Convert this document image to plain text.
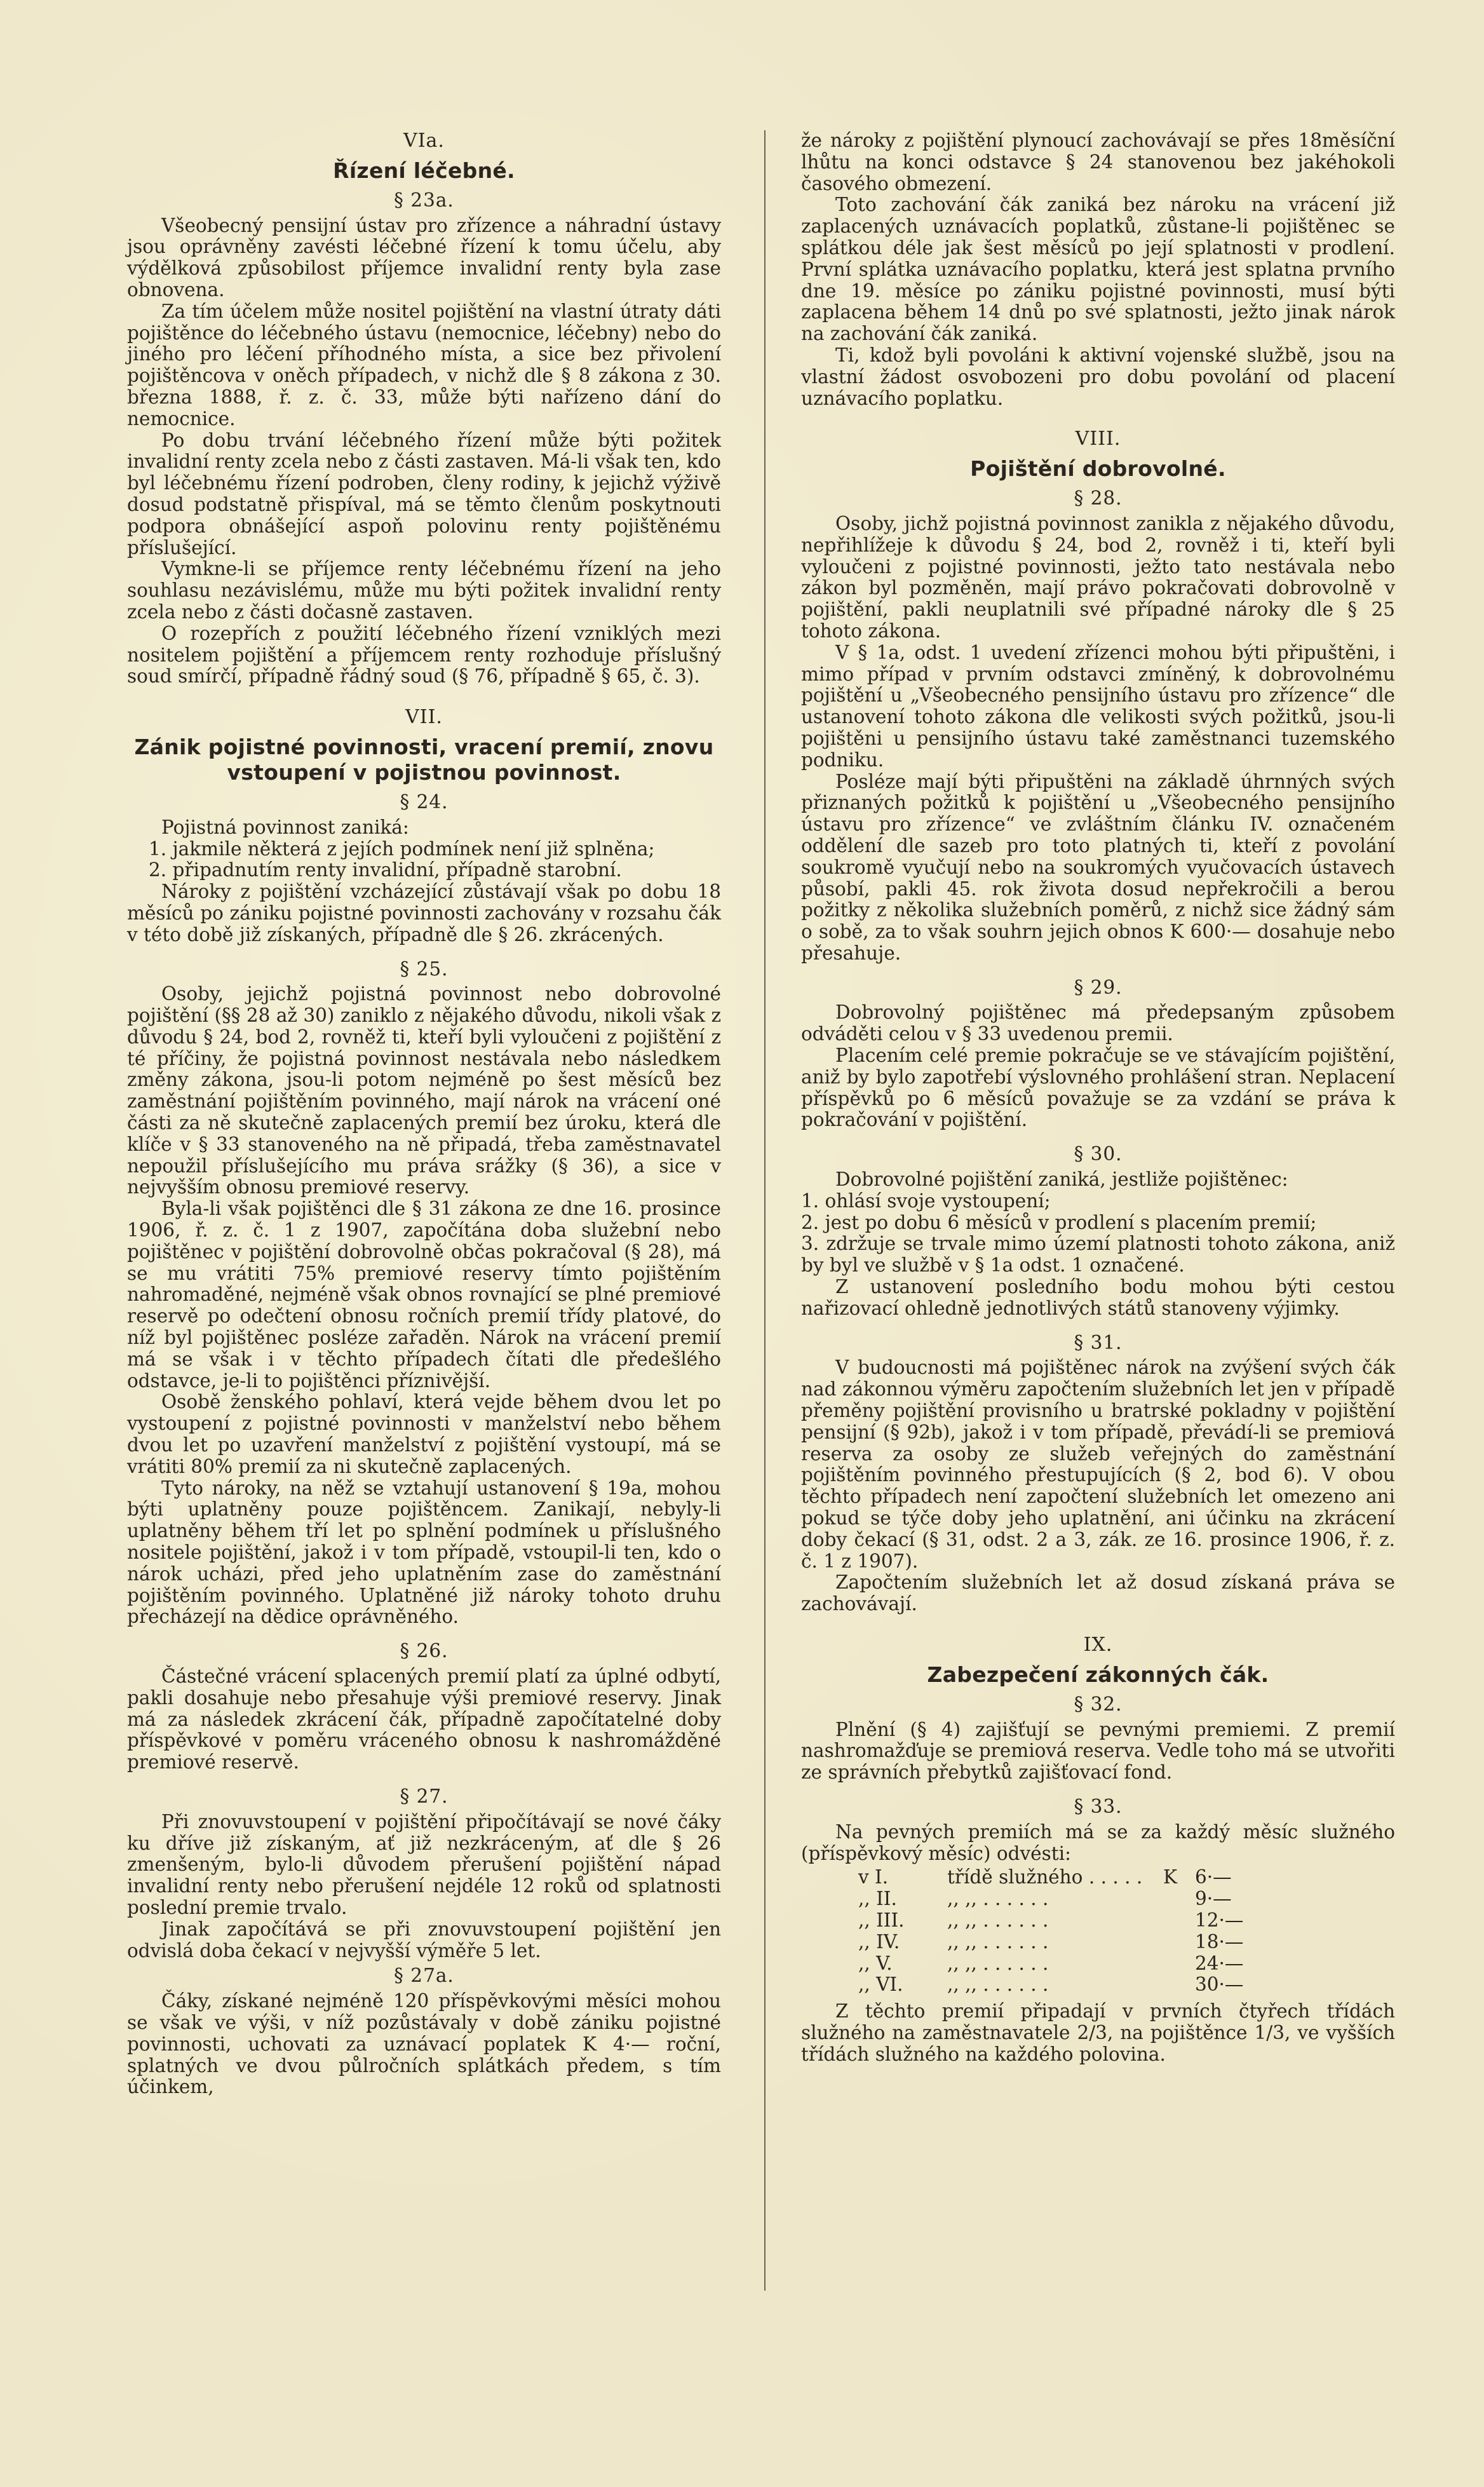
VIa.
Řízení léčebné.
§ 23a.

Všeobecný pensijní ústav pro zřízence a náhradní ústavy jsou oprávněny zavésti léčebné řízení k tomu účelu, aby výdělková způsobilost příjemce invalidní renty byla zase obnovena.

Za tím účelem může nositel pojištění na vlastní útraty dáti pojištěnce do léčebného ústavu (nemocnice, léčebny) nebo do jiného pro léčení příhodného místa, a sice bez přivolení pojištěncova v oněch případech, v nichž dle § 8 zákona z 30. března 1888, ř. z. č. 33, může býti nařízeno dání do nemocnice.

Po dobu trvání léčebného řízení může býti požitek invalidní renty zcela nebo z části zastaven. Má-li však ten, kdo byl léčebnému řízení podroben, členy rodiny, k jejichž výživě dosud podstatně přispíval, má se těmto členům poskytnouti podpora obnášející aspoň polovinu renty pojištěnému příslušející.

Vymkne-li se příjemce renty léčebnému řízení na jeho souhlasu nezávislému, může mu býti požitek invalidní renty zcela nebo z části dočasně zastaven.

O rozepřích z použití léčebného řízení vzniklých mezi nositelem pojištění a příjemcem renty rozhoduje příslušný soud smírčí, případně řádný soud (§ 76, případně § 65, č. 3).

VII.
Zánik pojistné povinnosti, vracení premií, znovu vstoupení v pojistnou povinnost.
§ 24.

Pojistná povinnost zaniká:

1. jakmile některá z jejích podmínek není již splněna;

2. připadnutím renty invalidní, případně starobní.

Nároky z pojištění vzcházející zůstávají však po dobu 18 měsíců po zániku pojistné povinnosti zachovány v rozsahu čák v této době již získaných, případně dle § 26. zkrácených.

§ 25.

Osoby, jejichž pojistná povinnost nebo dobrovolné pojištění (§§ 28 až 30) zaniklo z nějakého důvodu, nikoli však z důvodu § 24, bod 2, rovněž ti, kteří byli vyloučeni z pojištění z té příčiny, že pojistná povinnost nestávala nebo následkem změny zákona, jsou-li potom nejméně po šest měsíců bez zaměstnání pojištěním povinného, mají nárok na vrácení oné části za ně skutečně zaplacených premií bez úroku, která dle klíče v § 33 stanoveného na ně připadá, třeba zaměstnavatel nepoužil příslušejícího mu práva srážky (§ 36), a sice v nejvyšším obnosu premiové reservy.

Byla-li však pojištěnci dle § 31 zákona ze dne 16. prosince 1906, ř. z. č. 1 z 1907, započítána doba služební nebo pojištěnec v pojištění dobrovolně občas pokračoval (§ 28), má se mu vrátiti 75% premiové reservy tímto pojištěním nahromaděné, nejméně však obnos rovnající se plné premiové reservě po odečtení obnosu ročních premií třídy platové, do níž byl pojištěnec posléze zařaděn. Nárok na vrácení premií má se však i v těchto případech čítati dle předešlého odstavce, je-li to pojištěnci příznivější.

Osobě ženského pohlaví, která vejde během dvou let po vystoupení z pojistné povinnosti v manželství nebo během dvou let po uzavření manželství z pojištění vystoupí, má se vrátiti 80% premií za ni skutečně zaplacených.

Tyto nároky, na něž se vztahují ustanovení § 19a, mohou býti uplatněny pouze pojištěncem. Zanikají, nebyly-li uplatněny během tří let po splnění podmínek u příslušného nositele pojištění, jakož i v tom případě, vstoupil-li ten, kdo o nárok ucházi, před jeho uplatněním zase do zaměstnání pojištěním povinného. Uplatněné již nároky tohoto druhu přecházejí na dědice oprávněného.

§ 26.

Částečné vrácení splacených premií platí za úplné odbytí, pakli dosahuje nebo přesahuje výši premiové reservy. Jinak má za následek zkrácení čák, případně započítatelné doby příspěvkové v poměru vráceného obnosu k nashromážděné premiové reservě.

§ 27.

Při znovuvstoupení v pojištění připočítávají se nové čáky ku dříve již získaným, ať již nezkráceným, ať dle § 26 zmenšeným, bylo-li důvodem přerušení pojištění nápad invalidní renty nebo přerušení nejdéle 12 roků od splatnosti poslední premie trvalo.

Jinak započítává se při znovuvstoupení pojištění jen odvislá doba čekací v nejvyšší výměře 5 let.

§ 27a.

Čáky, získané nejméně 120 příspěvkovými měsíci mohou se však ve výši, v níž pozůstávaly v době zániku pojistné povinnosti, uchovati za uznávací poplatek K 4·— roční, splatných ve dvou půlročních splátkách předem, s tím účinkem,

že nároky z pojištění plynoucí zachovávají se přes 18měsíční lhůtu na konci odstavce § 24 stanovenou bez jakéhokoli časového obmezení.

Toto zachování čák zaniká bez nároku na vrácení již zaplacených uznávacích poplatků, zůstane-li pojištěnec se splátkou déle jak šest měsíců po její splatnosti v prodlení. První splátka uznávacího poplatku, která jest splatna prvního dne 19. měsíce po zániku pojistné povinnosti, musí býti zaplacena během 14 dnů po své splatnosti, ježto jinak nárok na zachování čák zaniká.

Ti, kdož byli povoláni k aktivní vojenské službě, jsou na vlastní žádost osvobozeni pro dobu povolání od placení uznávacího poplatku.

VIII.
Pojištění dobrovolné.
§ 28.

Osoby, jichž pojistná povinnost zanikla z nějakého důvodu, nepřihlížeje k důvodu § 24, bod 2, rovněž i ti, kteří byli vyloučeni z pojistné povinnosti, ježto tato nestávala nebo zákon byl pozměněn, mají právo pokračovati dobrovolně v pojištění, pakli neuplatnili své případné nároky dle § 25 tohoto zákona.

V § 1a, odst. 1 uvedení zřízenci mohou býti připuštěni, i mimo případ v prvním odstavci zmíněný, k dobrovolnému pojištění u „Všeobecného pensijního ústavu pro zřízence“ dle ustanovení tohoto zákona dle velikosti svých požitků, jsou-li pojištěni u pensijního ústavu také zaměstnanci tuzemského podniku.

Posléze mají býti připuštěni na základě úhrnných svých přiznaných požitků k pojištění u „Všeobecného pensijního ústavu pro zřízence“ ve zvláštním článku IV. označeném oddělení dle sazeb pro toto platných ti, kteří z povolání soukromě vyučují nebo na soukromých vyučovacích ústavech působí, pakli 45. rok života dosud nepřekročili a berou požitky z několika služebních poměrů, z nichž sice žádný sám o sobě, za to však souhrn jejich obnos K 600·— dosahuje nebo přesahuje.

§ 29.

Dobrovolný pojištěnec má předepsaným způsobem odváděti celou v § 33 uvedenou premii.

Placením celé premie pokračuje se ve stávajícím pojištění, aniž by bylo zapotřebí výslovného prohlášení stran. Neplacení příspěvků po 6 měsíců považuje se za vzdání se práva k pokračování v pojištění.

§ 30.

Dobrovolné pojištění zaniká, jestliže pojištěnec:

1. ohlásí svoje vystoupení;

2. jest po dobu 6 měsíců v prodlení s placením premií;

3. zdržuje se trvale mimo území platnosti tohoto zákona, aniž by byl ve službě v § 1a odst. 1 označené.

Z ustanovení posledního bodu mohou býti cestou nařizovací ohledně jednotlivých států stanoveny výjimky.

§ 31.

V budoucnosti má pojištěnec nárok na zvýšení svých čák nad zákonnou výměru započtením služebních let jen v případě přeměny pojištění provisního u bratrské pokladny v pojištění pensijní (§ 92b), jakož i v tom případě, převádí-li se premiová reserva za osoby ze služeb veřejných do zaměstnání pojištěním povinného přestupujících (§ 2, bod 6). V obou těchto případech není započtení služebních let omezeno ani pokud se týče doby jeho uplatnění, ani účinku na zkrácení doby čekací (§ 31, odst. 2 a 3, zák. ze 16. prosince 1906, ř. z. č. 1 z 1907).

Započtením služebních let až dosud získaná práva se zachovávají.

IX.
Zabezpečení zákonných čák.
§ 32.

Plnění (§ 4) zajišťují se pevnými premiemi. Z premií nashromažďuje se premiová reserva. Vedle toho má se utvořiti ze správních přebytků zajišťovací fond.

§ 33.

Na pevných premiích má se za každý měsíc služného (příspěvkový měsíc) odvésti:

v I.	třídě služného . . . . .	K	6·—
,, II.	,, ,, . . . . . .		9·—
,, III.	,, ,, . . . . . .		12·—
,, IV.	,, ,, . . . . . .		18·—
,, V.	,, ,, . . . . . .		24·—
,, VI.	,, ,, . . . . . .		30·—

Z těchto premií připadají v prvních čtyřech třídách služného na zaměstnavatele 2/3, na pojištěnce 1/3, ve vyšších třídách služného na každého polovina.
